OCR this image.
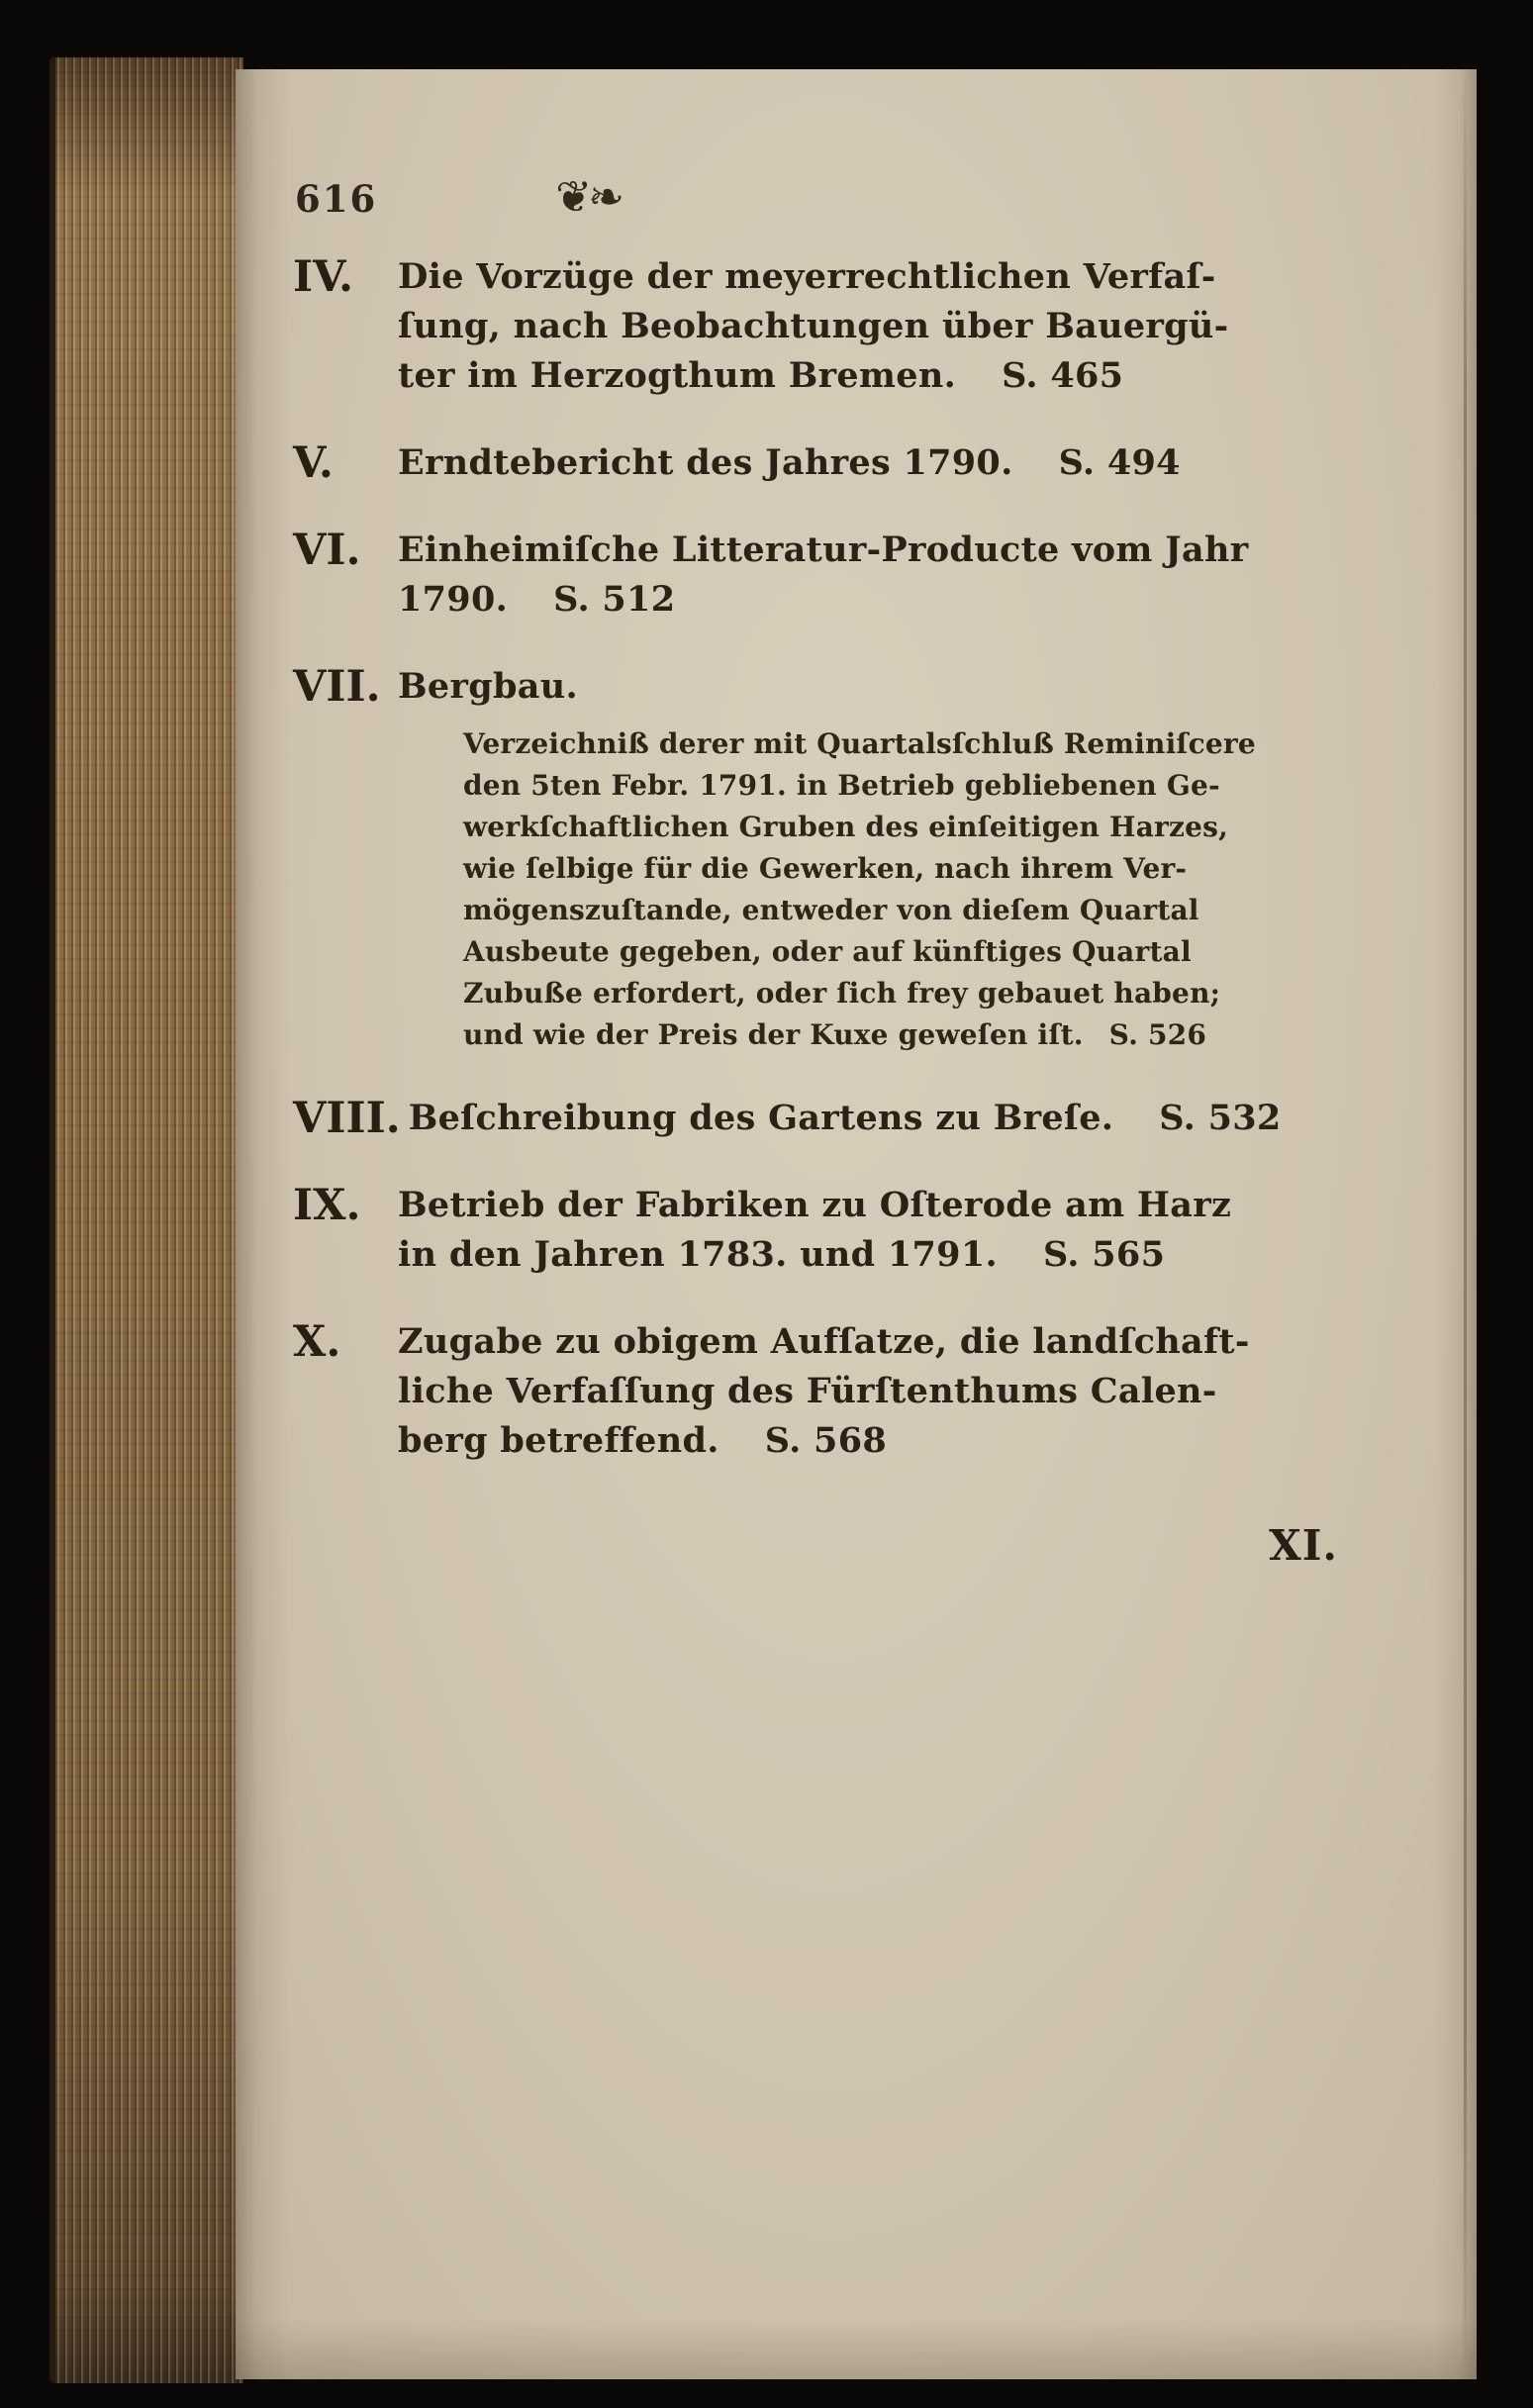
616	❦❧
IV.	Die Vorzüge der meyerrechtlichen Verfaſ-
ſung, nach Beobachtungen über Bauergü-
ter im Herzogthum Bremen. S. 465
V.	Erndtebericht des Jahres 1790. S. 494
VI.	Einheimiſche Litteratur-Producte vom Jahr
1790. S. 512
VII. Bergbau.
Verzeichniß derer mit Quartalsſchluß Reminiſcere
den 5ten Febr. 1791. in Betrieb gebliebenen Ge-
werkſchaftlichen Gruben des einſeitigen Harzes,
wie ſelbige für die Gewerken, nach ihrem Ver-
mögenszuſtande, entweder von dieſem Quartal
Ausbeute gegeben, oder auf künftiges Quartal
Zubuße erfordert, oder ſich frey gebauet haben;
und wie der Preis der Kuxe geweſen iſt. S. 526
VIII. Beſchreibung des Gartens zu Breſe. S. 532
IX.	Betrieb der Fabriken zu Oſterode am Harz
in den Jahren 1783. und 1791. S. 565
X.	Zugabe zu obigem Aufſatze, die landſchaft-
liche Verfaſſung des Fürſtenthums Calen-
berg betreffend. S. 568
XI.
